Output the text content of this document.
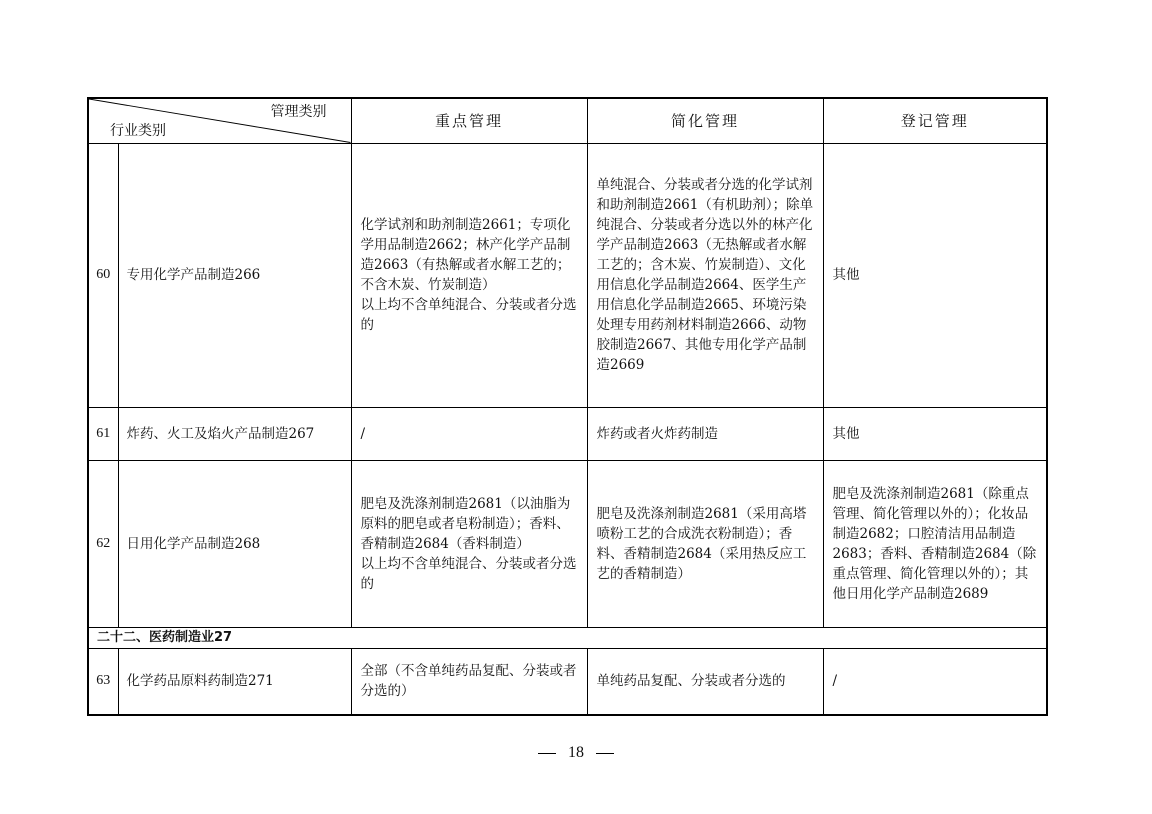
管理类别
行业类别		重点管理	简化管理	登记管理
60	专用化学产品制造266	化学试剂和助剂制造2661；专项化学用品制造2662；林产化学产品制造2663（有热解或者水解工艺的；不含木炭、竹炭制造）
以上均不含单纯混合、分装或者分选的	单纯混合、分装或者分选的化学试剂和助剂制造2661（有机助剂）；除单纯混合、分装或者分选以外的林产化学产品制造2663（无热解或者水解工艺的；含木炭、竹炭制造）、文化用信息化学品制造2664、医学生产用信息化学品制造2665、环境污染处理专用药剂材料制造2666、动物胶制造2667、其他专用化学产品制造2669	其他
61	炸药、火工及焰火产品制造267	/	炸药或者火炸药制造	其他
62	日用化学产品制造268	肥皂及洗涤剂制造2681（以油脂为原料的肥皂或者皂粉制造）；香料、香精制造2684（香料制造）
以上均不含单纯混合、分装或者分选的	肥皂及洗涤剂制造2681（采用高塔喷粉工艺的合成洗衣粉制造）；香料、香精制造2684（采用热反应工艺的香精制造）	肥皂及洗涤剂制造2681（除重点管理、简化管理以外的）；化妆品制造2682；口腔清洁用品制造2683；香料、香精制造2684（除重点管理、简化管理以外的）；其他日用化学产品制造2689
二十二、医药制造业27				
63	化学药品原料药制造271	全部（不含单纯药品复配、分装或者分选的）	单纯药品复配、分装或者分选的	/
18
